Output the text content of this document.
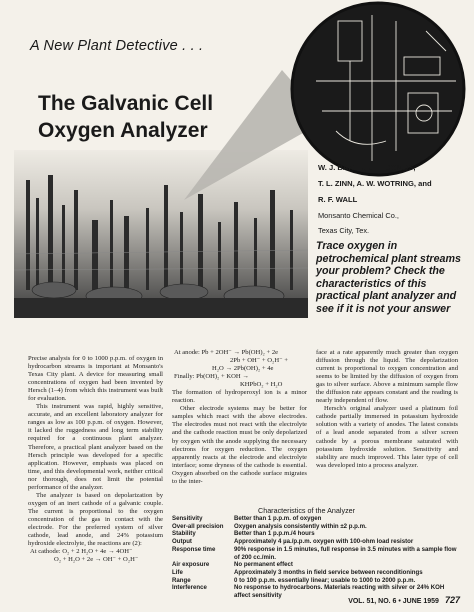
A New Plant Detective . . .
The Galvanic Cell
Oxygen Analyzer
W. J. BAKER, J. F. COMBS,
T. L. ZINN, A. W. WOTRING, and
R. F. WALL
Monsanto Chemical Co.,
Texas City, Tex.
Trace oxygen in petrochemical plant streams your problem? Check the characteristics of this practical plant analyzer and see if it is not your answer

Precise analysis for 0 to 1000 p.p.m. of oxygen in hydrocarbon streams is important at Monsanto's Texas City plant. A device for measuring small concentrations of oxygen had been invented by Hersch (1–4) from which this instrument was built for evaluation.

This instrument was rapid, highly sensitive, accurate, and an excellent laboratory analyzer for ranges as low as 100 p.p.m. of oxygen. However, it lacked the ruggedness and long term stability required for a continuous plant analyzer. Therefore, a practical plant analyzer based on the Hersch principle was developed for a specific application. However, emphasis was placed on time, and this developmental work, neither critical nor thorough, does not limit the potential performance of the analyzer.

The analyzer is based on depolarization by oxygen of an inert cathode of a galvanic couple. The current is proportional to the oxygen concentration of the gas in contact with the electrode. For the preferred system of silver cathode, lead anode, and 24% potassium hydroxide electrolyte, the reactions are (2):

At cathode: O₂ + 2 H₂O + 4e → 4OH⁻

O₂ + H₂O + 2e → OH⁻ + O₂H⁻

At anode: Pb + 2OH⁻ → Pb(OH)₂ + 2e

2Pb + OH⁻ + O₂H⁻ +

H₂O → 2Pb(OH)₂ + 4e

Finally: Pb(OH)₂ + KOH →

KHPbO₂ + H₂O

The formation of hydroperoxyl ion is a minor reaction.

Other electrode systems may be better for samples which react with the above electrodes. The electrodes must not react with the electrolyte and the cathode reaction must be only depolarized by oxygen with the anode supplying the necessary electrons for oxygen reduction. The oxygen apparently reacts at the electrode and electrolyte interface; some dryness of the cathode is essential. Oxygen absorbed on the cathode surface migrates to the inter-

face at a rate apparently much greater than oxygen diffusion through the liquid. The depolarization current is proportional to oxygen concentration and seems to be limited by the diffusion of oxygen from gas to silver surface. Above a minimum sample flow the diffusion rate appears constant and the reading is nearly independent of flow.

Hersch's original analyzer used a platinum foil cathode partially immersed in potassium hydroxide solution with a variety of anodes. The latest consists of a lead anode separated from a silver screen cathode by a porous membrane saturated with potassium hydroxide solution. Sensitivity and stability are much improved. This later type of cell was developed into a process analyzer.

Characteristics of the Analyzer
Sensitivity	Better than 1 p.p.m. of oxygen
Over-all precision	Oxygen analysis consistently within ±2 p.p.m.
Stability	Better than 1 p.p.m./4 hours
Output	Approximately 4 µa./p.p.m. oxygen with 100-ohm load resistor
Response time	90% response in 1.5 minutes, full response in 3.5 minutes with a sample flow of 200 cc./min.
Air exposure	No permanent effect
Life	Approximately 3 months in field service between reconditionings
Range	0 to 100 p.p.m. essentially linear; usable to 1000 to 2000 p.p.m.
Interference	No response to hydrocarbons. Materials reacting with silver or 24% KOH affect sensitivity
VOL. 51, NO. 6 • JUNE 1959 727
